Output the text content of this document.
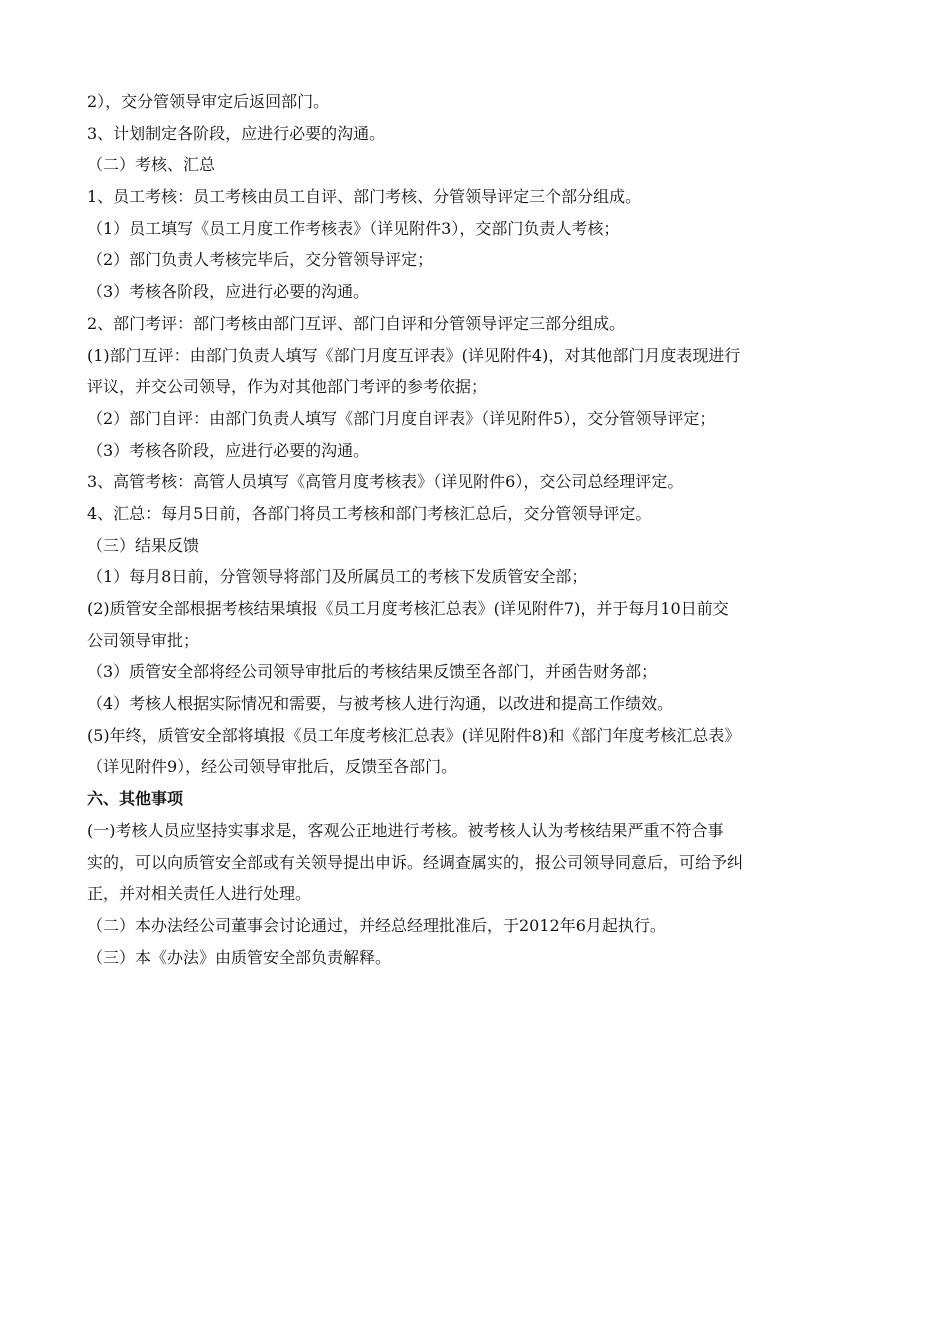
2），交分管领导审定后返回部门。
3、计划制定各阶段，应进行必要的沟通。
（二）考核、汇总
1、员工考核：员工考核由员工自评、部门考核、分管领导评定三个部分组成。
（1）员工填写《员工月度工作考核表》（详见附件3），交部门负责人考核；
（2）部门负责人考核完毕后，交分管领导评定；
（3）考核各阶段，应进行必要的沟通。
2、部门考评：部门考核由部门互评、部门自评和分管领导评定三部分组成。
(1)部门互评：由部门负责人填写《部门月度互评表》(详见附件4)，对其他部门月度表现进行
评议，并交公司领导，作为对其他部门考评的参考依据；
（2）部门自评：由部门负责人填写《部门月度自评表》（详见附件5），交分管领导评定；
（3）考核各阶段，应进行必要的沟通。
3、高管考核：高管人员填写《高管月度考核表》（详见附件6），交公司总经理评定。
4、汇总：每月5日前，各部门将员工考核和部门考核汇总后，交分管领导评定。
（三）结果反馈
（1）每月8日前，分管领导将部门及所属员工的考核下发质管安全部；
(2)质管安全部根据考核结果填报《员工月度考核汇总表》(详见附件7)，并于每月10日前交
公司领导审批；
（3）质管安全部将经公司领导审批后的考核结果反馈至各部门，并函告财务部；
（4）考核人根据实际情况和需要，与被考核人进行沟通，以改进和提高工作绩效。
(5)年终，质管安全部将填报《员工年度考核汇总表》(详见附件8)和《部门年度考核汇总表》
（详见附件9），经公司领导审批后，反馈至各部门。
六、其他事项
(一)考核人员应坚持实事求是，客观公正地进行考核。被考核人认为考核结果严重不符合事
实的，可以向质管安全部或有关领导提出申诉。经调查属实的，报公司领导同意后，可给予纠
正，并对相关责任人进行处理。
（二）本办法经公司董事会讨论通过，并经总经理批准后，于2012年6月起执行。
（三）本《办法》由质管安全部负责解释。
